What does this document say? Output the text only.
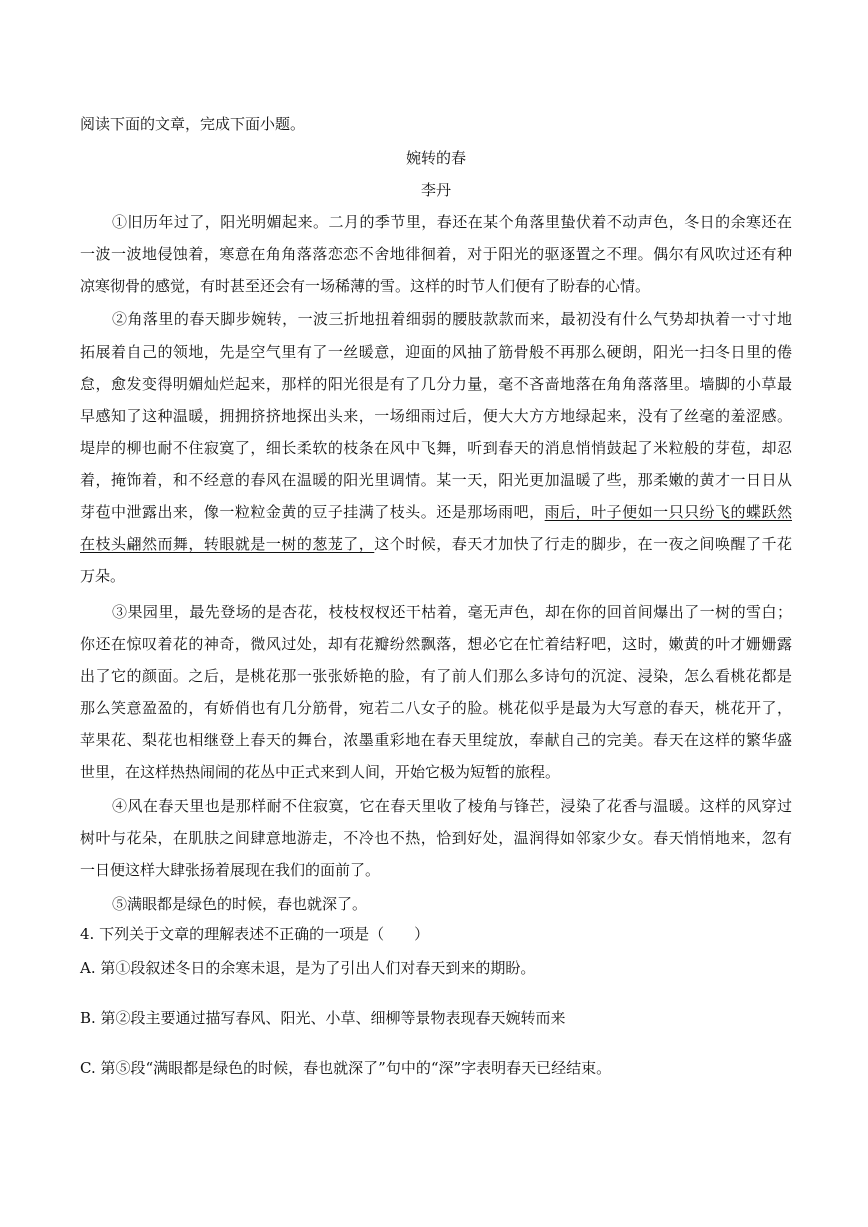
阅读下面的文章，完成下面小题。
婉转的春
李丹
①旧历年过了，阳光明媚起来。二月的季节里，春还在某个角落里蛰伏着不动声色，冬日的余寒还在
一波一波地侵蚀着，寒意在角角落落恋恋不舍地徘徊着，对于阳光的驱逐置之不理。偶尔有风吹过还有种
凉寒彻骨的感觉，有时甚至还会有一场稀薄的雪。这样的时节人们便有了盼春的心情。
②角落里的春天脚步婉转，一波三折地扭着细弱的腰肢款款而来，最初没有什么气势却执着一寸寸地
拓展着自己的领地，先是空气里有了一丝暖意，迎面的风抽了筋骨般不再那么硬朗，阳光一扫冬日里的倦
怠，愈发变得明媚灿烂起来，那样的阳光很是有了几分力量，毫不吝啬地落在角角落落里。墙脚的小草最
早感知了这种温暖，拥拥挤挤地探出头来，一场细雨过后，便大大方方地绿起来，没有了丝毫的羞涩感。
堤岸的柳也耐不住寂寞了，细长柔软的枝条在风中飞舞，听到春天的消息悄悄鼓起了米粒般的芽苞，却忍
着，掩饰着，和不经意的春风在温暖的阳光里调情。某一天，阳光更加温暖了些，那柔嫩的黄才一日日从
芽苞中泄露出来，像一粒粒金黄的豆子挂满了枝头。还是那场雨吧，雨后，叶子便如一只只纷飞的蝶跃然
在枝头翩然而舞，转眼就是一树的葱茏了，这个时候，春天才加快了行走的脚步，在一夜之间唤醒了千花
万朵。
③果园里，最先登场的是杏花，枝枝杈杈还干枯着，毫无声色，却在你的回首间爆出了一树的雪白；
你还在惊叹着花的神奇，微风过处，却有花瓣纷然飘落，想必它在忙着结籽吧，这时，嫩黄的叶才姗姗露
出了它的颜面。之后，是桃花那一张张娇艳的脸，有了前人们那么多诗句的沉淀、浸染，怎么看桃花都是
那么笑意盈盈的，有娇俏也有几分筋骨，宛若二八女子的脸。桃花似乎是最为大写意的春天，桃花开了，
苹果花、梨花也相继登上春天的舞台，浓墨重彩地在春天里绽放，奉献自己的完美。春天在这样的繁华盛
世里，在这样热热闹闹的花丛中正式来到人间，开始它极为短暂的旅程。
④风在春天里也是那样耐不住寂寞，它在春天里收了棱角与锋芒，浸染了花香与温暖。这样的风穿过
树叶与花朵，在肌肤之间肆意地游走，不冷也不热，恰到好处，温润得如邻家少女。春天悄悄地来，忽有
一日便这样大肆张扬着展现在我们的面前了。
⑤满眼都是绿色的时候，春也就深了。
4. 下列关于文章的理解表述不正确的一项是（　　）
A. 第①段叙述冬日的余寒未退，是为了引出人们对春天到来的期盼。
B. 第②段主要通过描写春风、阳光、小草、细柳等景物表现春天婉转而来
C. 第⑤段“满眼都是绿色的时候，春也就深了”句中的“深”字表明春天已经结束。
